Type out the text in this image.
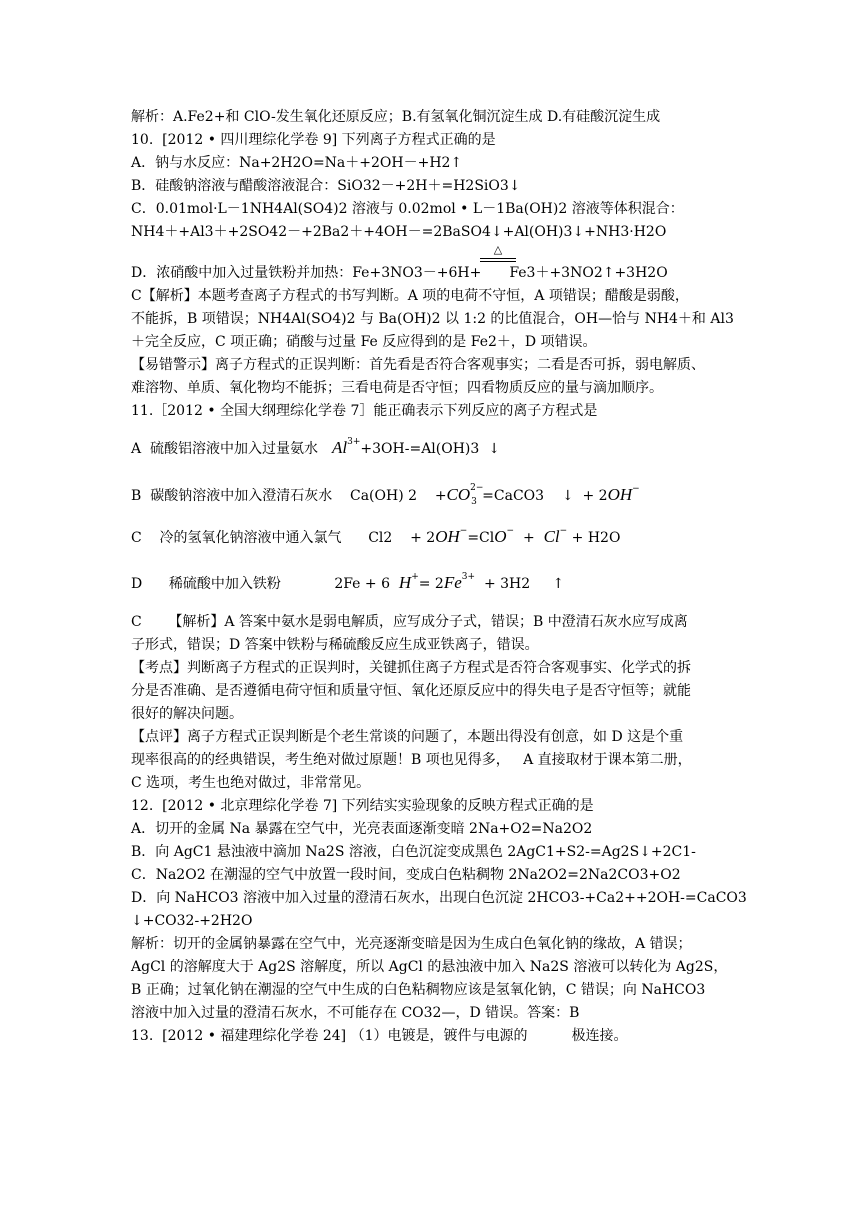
解析：A.Fe2+和 ClO-发生氧化还原反应；B.有氢氧化铜沉淀生成 D.有硅酸沉淀生成
10.  [2012 • 四川理综化学卷 9] 下列离子方程式正确的是
A．钠与水反应：Na+2H2O=Na＋+2OH－+H2↑
B．硅酸钠溶液与醋酸溶液混合：SiO32－+2H＋=H2SiO3↓
C．0.01mol·L－1NH4Al(SO4)2 溶液与 0.02mol • L－1Ba(OH)2 溶液等体积混合：
NH4＋+Al3＋+2SO42－+2Ba2＋+4OH－=2BaSO4↓+Al(OH)3↓+NH3·H2O
△
D．浓硝酸中加入过量铁粉并加热：Fe+3NO3－+6H+ Fe3＋+3NO2↑+3H2O
C【解析】本题考查离子方程式的书写判断。A 项的电荷不守恒，A 项错误；醋酸是弱酸，
不能拆，B 项错误；NH4Al(SO4)2 与 Ba(OH)2 以 1:2 的比值混合，OH—恰与 NH4＋和 Al3
＋完全反应，C 项正确；硝酸与过量 Fe 反应得到的是 Fe2＋，D 项错误。
【易错警示】离子方程式的正误判断：首先看是否符合客观事实；二看是否可拆，弱电解质、
难溶物、单质、氧化物均不能拆；三看电荷是否守恒；四看物质反应的量与滴加顺序。
11.［2012 • 全国大纲理综化学卷 7］能正确表示下列反应的离子方程式是
A  硫酸铝溶液中加入过量氨水 $Al^{3+}+3OH-=Al(OH)3$  ↓
B  碳酸钠溶液中加入澄清石灰水    Ca(OH) 2    +CO 2−
3 =CaCO3    ↓  + 2OH−
C    冷的氢氧化钠溶液中通入氯气      Cl2    + 2OH−=ClO−  +  Cl− + H2O
D      稀硫酸中加入铁粉            2Fe + 6  $H^+= 2Fe^{3+} + 3H2$     ↑
C      【解析】A 答案中氨水是弱电解质，应写成分子式，错误；B 中澄清石灰水应写成离
子形式，错误；D 答案中铁粉与稀硫酸反应生成亚铁离子，错误。
【考点】判断离子方程式的正误判时，关键抓住离子方程式是否符合客观事实、化学式的拆
分是否准确、是否遵循电荷守恒和质量守恒、氧化还原反应中的得失电子是否守恒等；就能
很好的解决问题。
【点评】离子方程式正误判断是个老生常谈的问题了，本题出得没有创意，如 D 这是个重
现率很高的的经典错误，考生绝对做过原题！B 项也见得多，   A 直接取材于课本第二册，
C 选项，考生也绝对做过，非常常见。
12.  [2012 • 北京理综化学卷 7] 下列结实实验现象的反映方程式正确的是
A．切开的金属 Na 暴露在空气中，光亮表面逐渐变暗 2Na+O2=Na2O2
B．向 AgC1 悬浊液中滴加 Na2S 溶液，白色沉淀变成黑色 2AgC1+S2-=Ag2S↓+2C1-
C．Na2O2 在潮湿的空气中放置一段时间，变成白色粘稠物 2Na2O2=2Na2CO3+O2
D．向 NaHCO3 溶液中加入过量的澄清石灰水，出现白色沉淀 2HCO3-+Ca2++2OH-=CaCO3
↓+CO32-+2H2O
解析：切开的金属钠暴露在空气中，光亮逐渐变暗是因为生成白色氧化钠的缘故，A 错误；
AgCl 的溶解度大于 Ag2S 溶解度，所以 AgCl 的悬浊液中加入 Na2S 溶液可以转化为 Ag2S，
B 正确；过氧化钠在潮湿的空气中生成的白色粘稠物应该是氢氧化钠，C 错误；向 NaHCO3
溶液中加入过量的澄清石灰水，不可能存在 CO32—，D 错误。答案：B
13.  [2012 • 福建理综化学卷 24] （1）电镀是，镀件与电源的	极连接。
